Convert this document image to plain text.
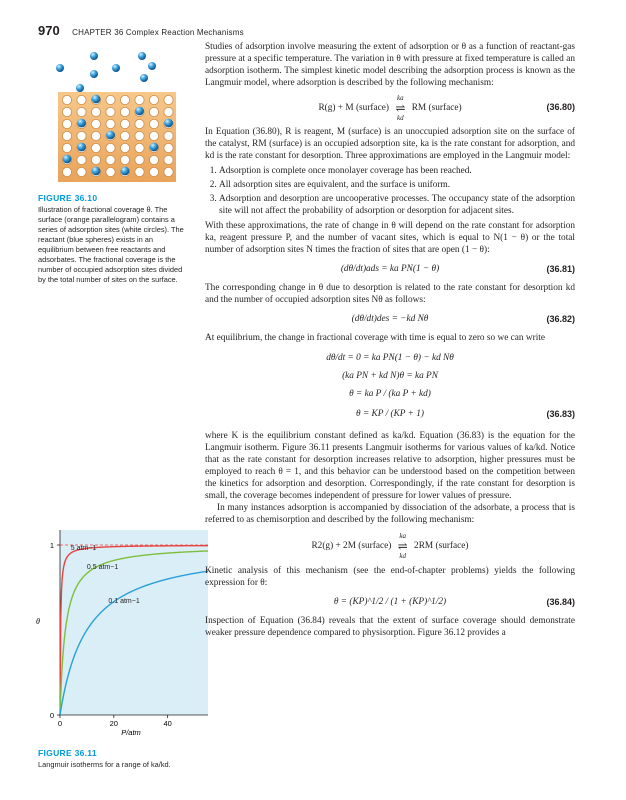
970 CHAPTER 36 Complex Reaction Mechanisms
FIGURE 36.10
Illustration of fractional coverage θ. The surface (orange parallelogram) contains a series of adsorption sites (white circles). The reactant (blue spheres) exists in an equilibrium between free reactants and adsorbates. The fractional coverage is the number of occupied adsorption sites divided by the total number of sites on the surface.
0	20	40
0
1 5 atm−1
0.5 atm−1
0.1 atm−1
θ
P/atm
FIGURE 36.11
Langmuir isotherms for a range of ka/kd.

Studies of adsorption involve measuring the extent of adsorption or θ as a function of reactant-gas pressure at a specific temperature. The variation in θ with pressure at fixed temperature is called an adsorption isotherm. The simplest kinetic model describing the adsorption process is known as the Langmuir model, where adsorption is described by the following mechanism:

R(g) + M (surface)
ka
⇌
kd
RM (surface)	(36.80)

In Equation (36.80), R is reagent, M (surface) is an unoccupied adsorption site on the surface of the catalyst, RM (surface) is an occupied adsorption site, ka is the rate constant for adsorption, and kd is the rate constant for desorption. Three approximations are employed in the Langmuir model:

1. Adsorption is complete once monolayer coverage has been reached.
2. All adsorption sites are equivalent, and the surface is uniform.
3. Adsorption and desorption are uncooperative processes. The occupancy state of the adsorption site will not affect the probability of adsorption or desorption for adjacent sites.

With these approximations, the rate of change in θ will depend on the rate constant for adsorption ka, reagent pressure P, and the number of vacant sites, which is equal to N(1 − θ) or the total number of adsorption sites N times the fraction of sites that are open (1 − θ):

(dθ/dt)ads = ka PN(1 − θ)	(36.81)

The corresponding change in θ due to desorption is related to the rate constant for desorption kd and the number of occupied adsorption sites Nθ as follows:

(dθ/dt)des = −kd Nθ	(36.82)

At equilibrium, the change in fractional coverage with time is equal to zero so we can write

dθ/dt = 0 = ka PN(1 − θ) − kd Nθ
(ka PN + kd N)θ = ka PN
θ = ka P / (ka P + kd)
θ = KP / (KP + 1)	(36.83)

where K is the equilibrium constant defined as ka/kd. Equation (36.83) is the equation for the Langmuir isotherm. Figure 36.11 presents Langmuir isotherms for various values of ka/kd. Notice that as the rate constant for desorption increases relative to adsorption, higher pressures must be employed to reach θ = 1, and this behavior can be understood based on the competition between the kinetics for adsorption and desorption. Correspondingly, if the rate constant for desorption is small, the coverage becomes independent of pressure for lower values of pressure.

In many instances adsorption is accompanied by dissociation of the adsorbate, a process that is referred to as chemisorption and described by the following mechanism:

R2(g) + 2M (surface)
ka
⇌
kd
2RM (surface)

Kinetic analysis of this mechanism (see the end-of-chapter problems) yields the following expression for θ:

θ = (KP)^1/2 / (1 + (KP)^1/2)	(36.84)

Inspection of Equation (36.84) reveals that the extent of surface coverage should demonstrate weaker pressure dependence compared to physisorption. Figure 36.12 provides a
